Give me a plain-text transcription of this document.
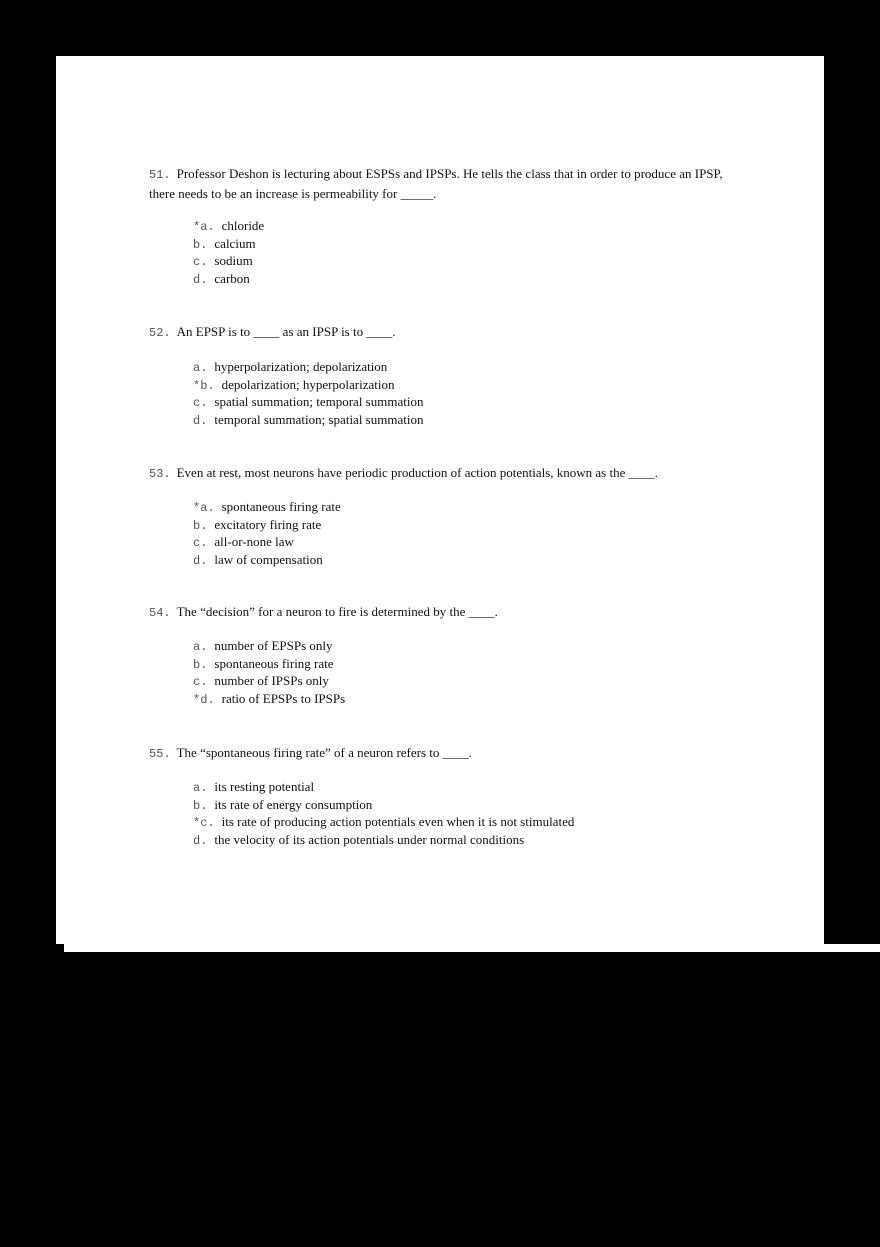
51. Professor Deshon is lecturing about ESPSs and IPSPs. He tells the class that in order to produce an IPSP, there needs to be an increase is permeability for _____.
*a. chloride
b. calcium
c. sodium
d. carbon
52. An EPSP is to ____ as an IPSP is to ____.
a. hyperpolarization; depolarization
*b. depolarization; hyperpolarization
c. spatial summation; temporal summation
d. temporal summation; spatial summation
53. Even at rest, most neurons have periodic production of action potentials, known as the ____.
*a. spontaneous firing rate
b. excitatory firing rate
c. all-or-none law
d. law of compensation
54. The “decision” for a neuron to fire is determined by the ____.
a. number of EPSPs only
b. spontaneous firing rate
c. number of IPSPs only
*d. ratio of EPSPs to IPSPs
55. The “spontaneous firing rate” of a neuron refers to ____.
a. its resting potential
b. its rate of energy consumption
*c. its rate of producing action potentials even when it is not stimulated
d. the velocity of its action potentials under normal conditions
